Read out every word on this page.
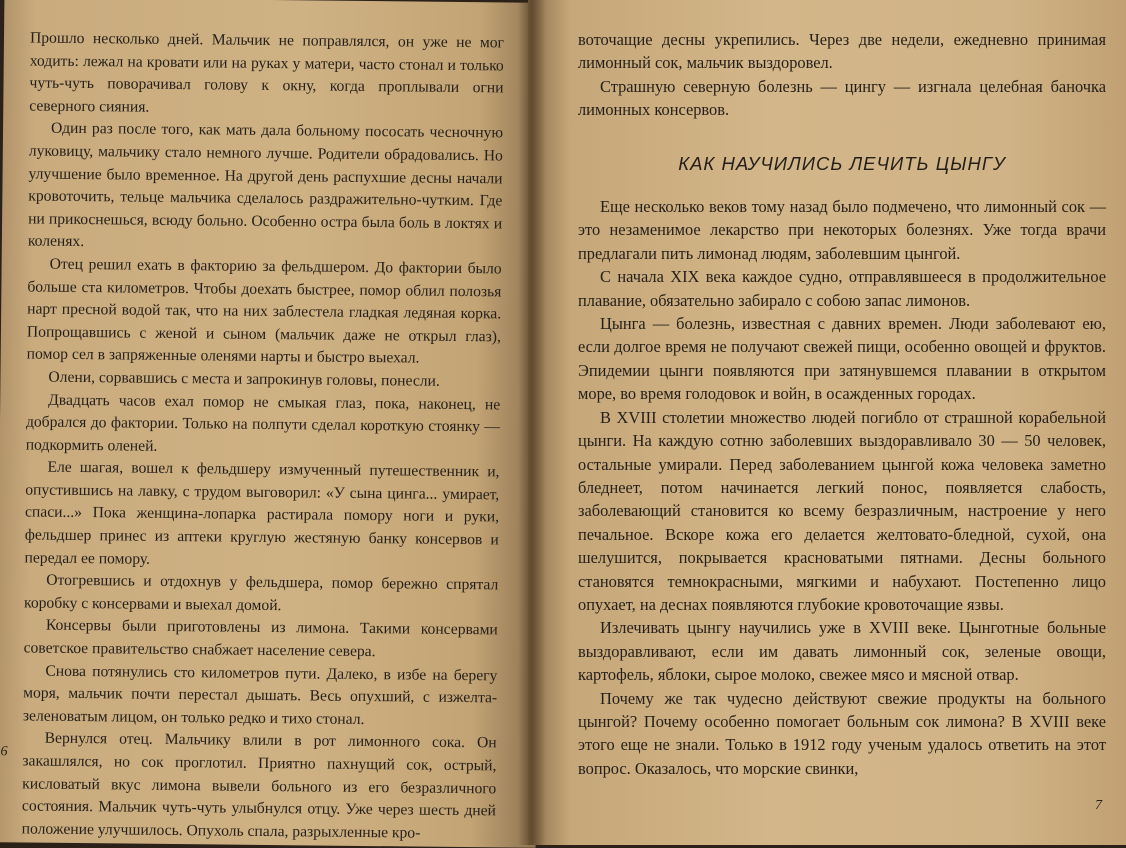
Прошло несколько дней. Мальчик не поправлялся, он уже не мог ходить: лежал на кровати или на руках у матери, часто стонал и только чуть-чуть поворачивал голову к окну, когда проплывали огни северного сияния.

Один раз после того, как мать дала больному пососать чесночную луковицу, мальчику стало немного лучше. Родители обрадовались. Но улучшение было временное. На другой день распухшие десны начали кровоточить, тельце мальчика сделалось раздражительно-чутким. Где ни прикоснешься, всюду больно. Особенно остра была боль в локтях и коленях.

Отец решил ехать в факторию за фельдшером. До фактории было больше ста километров. Чтобы доехать быстрее, помор облил полозья нарт пресной водой так, что на них заблестела гладкая ледяная корка. Попрощавшись с женой и сыном (мальчик даже не открыл глаз), помор сел в запряженные оленями нарты и быстро выехал.

Олени, сорвавшись с места и запрокинув головы, понесли.

Двадцать часов ехал помор не смыкая глаз, пока, наконец, не добрался до фактории. Только на полпути сделал короткую стоянку — подкормить оленей.

Еле шагая, вошел к фельдшеру измученный путешественник и, опустившись на лавку, с трудом выговорил: «У сына цинга... умирает, спаси...» Пока женщина-лопарка растирала помору ноги и руки, фельдшер принес из аптеки круглую жестяную банку консервов и передал ее помору.

Отогревшись и отдохнув у фельдшера, помор бережно спрятал коробку с консервами и выехал домой.

Консервы были приготовлены из лимона. Такими консервами советское правительство снабжает население севера.

Снова потянулись сто километров пути. Далеко, в избе на берегу моря, мальчик почти перестал дышать. Весь опухший, с изжелта-зеленоватым лицом, он только редко и тихо стонал.

Вернулся отец. Мальчику влили в рот лимонного сока. Он закашлялся, но сок проглотил. Приятно пахнущий сок, острый, кисловатый вкус лимона вывели больного из его безразличного состояния. Мальчик чуть-чуть улыбнулся отцу. Уже через шесть дней положение улучшилось. Опухоль спала, разрыхленные кро-

6

воточащие десны укрепились. Через две недели, ежедневно принимая лимонный сок, мальчик выздоровел.

Страшную северную болезнь — цингу — изгнала целебная баночка лимонных консервов.

КАК НАУЧИЛИСЬ ЛЕЧИТЬ ЦЫНГУ

Еще несколько веков тому назад было подмечено, что лимонный сок — это незаменимое лекарство при некоторых болезнях. Уже тогда врачи предлагали пить лимонад людям, заболевшим цынгой.

С начала XIX века каждое судно, отправлявшееся в продолжительное плавание, обязательно забирало с собою запас лимонов.

Цынга — болезнь, известная с давних времен. Люди заболевают ею, если долгое время не получают свежей пищи, особенно овощей и фруктов. Эпидемии цынги появляются при затянувшемся плавании в открытом море, во время голодовок и войн, в осажденных городах.

В XVIII столетии множество людей погибло от страшной корабельной цынги. На каждую сотню заболевших выздоравливало 30 — 50 человек, остальные умирали. Перед заболеванием цынгой кожа человека заметно бледнеет, потом начинается легкий понос, появляется слабость, заболевающий становится ко всему безразличным, настроение у него печальное. Вскоре кожа его делается желтовато-бледной, сухой, она шелушится, покрывается красноватыми пятнами. Десны больного становятся темнокрасными, мягкими и набухают. Постепенно лицо опухает, на деснах появляются глубокие кровоточащие язвы.

Излечивать цынгу научились уже в XVIII веке. Цынготные больные выздоравливают, если им давать лимонный сок, зеленые овощи, картофель, яблоки, сырое молоко, свежее мясо и мясной отвар.

Почему же так чудесно действуют свежие продукты на больного цынгой? Почему особенно помогает больным сок лимона? В XVIII веке этого еще не знали. Только в 1912 году ученым удалось ответить на этот вопрос. Оказалось, что морские свинки,

7
